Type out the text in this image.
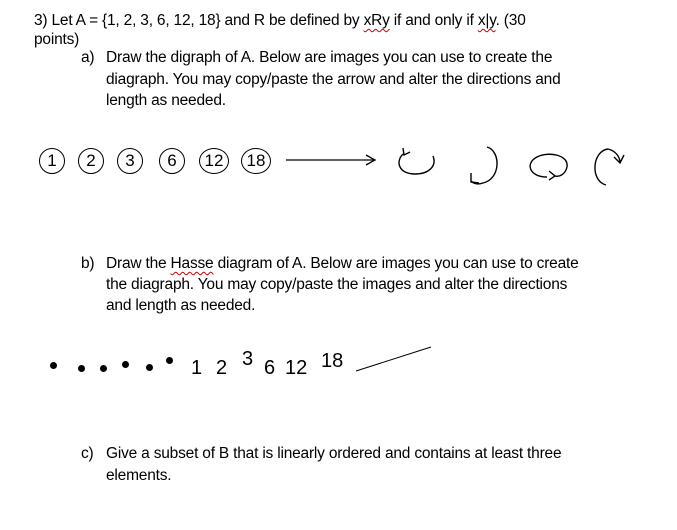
3) Let A = {1, 2, 3, 6, 12, 18} and R be defined by xRy if and only if x|y. (30
points)
a) Draw the digraph of A. Below are images you can use to create the
diagraph. You may copy/paste the arrow and alter the directions and
length as needed.
1	2	3	6	12	18
b) Draw the Hasse diagram of A. Below are images you can use to create
the diagraph. You may copy/paste the images and alter the directions
and length as needed.
1 2 3 6 12 18
c) Give a subset of B that is linearly ordered and contains at least three
elements.
